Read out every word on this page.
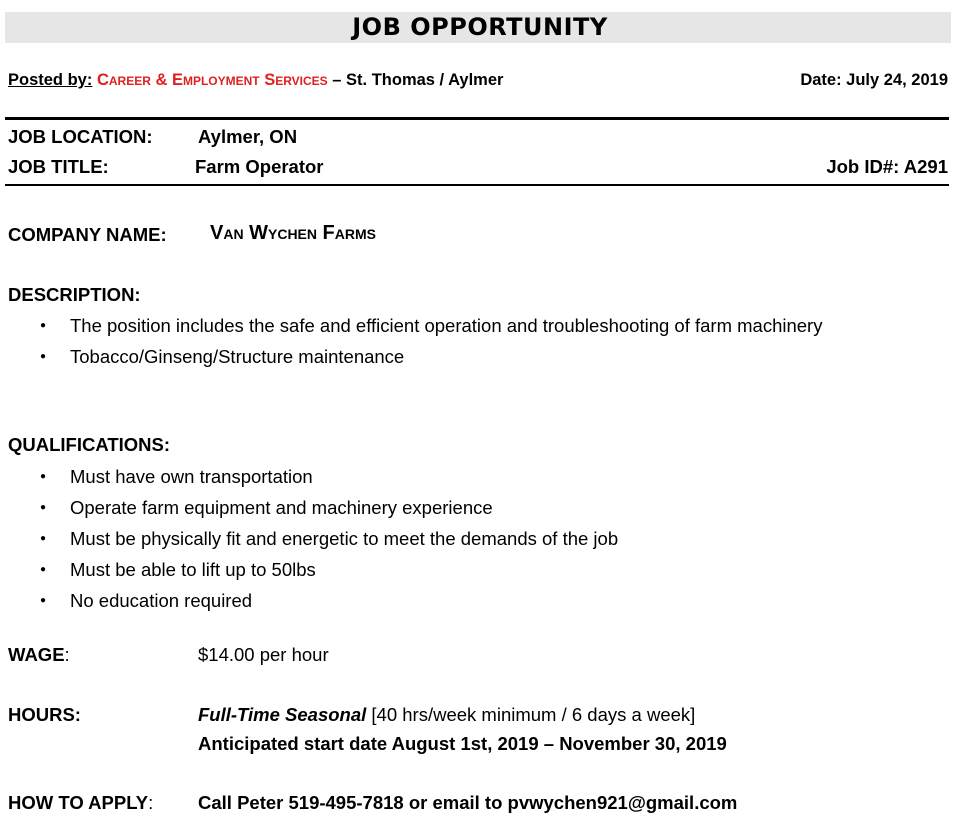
JOB OPPORTUNITY
Posted by: Career & Employment Services – St. Thomas / Aylmer	Date: July 24, 2019
JOB LOCATION: Aylmer, ON
JOB TITLE:	Farm Operator	Job ID#: A291
COMPANY NAME: Van Wychen Farms
DESCRIPTION:
● The position includes the safe and efficient operation and troubleshooting of farm machinery
● Tobacco/Ginseng/Structure maintenance
QUALIFICATIONS:
● Must have own transportation
● Operate farm equipment and machinery experience
● Must be physically fit and energetic to meet the demands of the job
● Must be able to lift up to 50lbs
● No education required
WAGE:	$14.00 per hour
HOURS:	Full-Time Seasonal [40 hrs/week minimum / 6 days a week]
Anticipated start date August 1st, 2019 – November 30, 2019
HOW TO APPLY: Call Peter 519-495-7818 or email to pvwychen921@gmail.com
